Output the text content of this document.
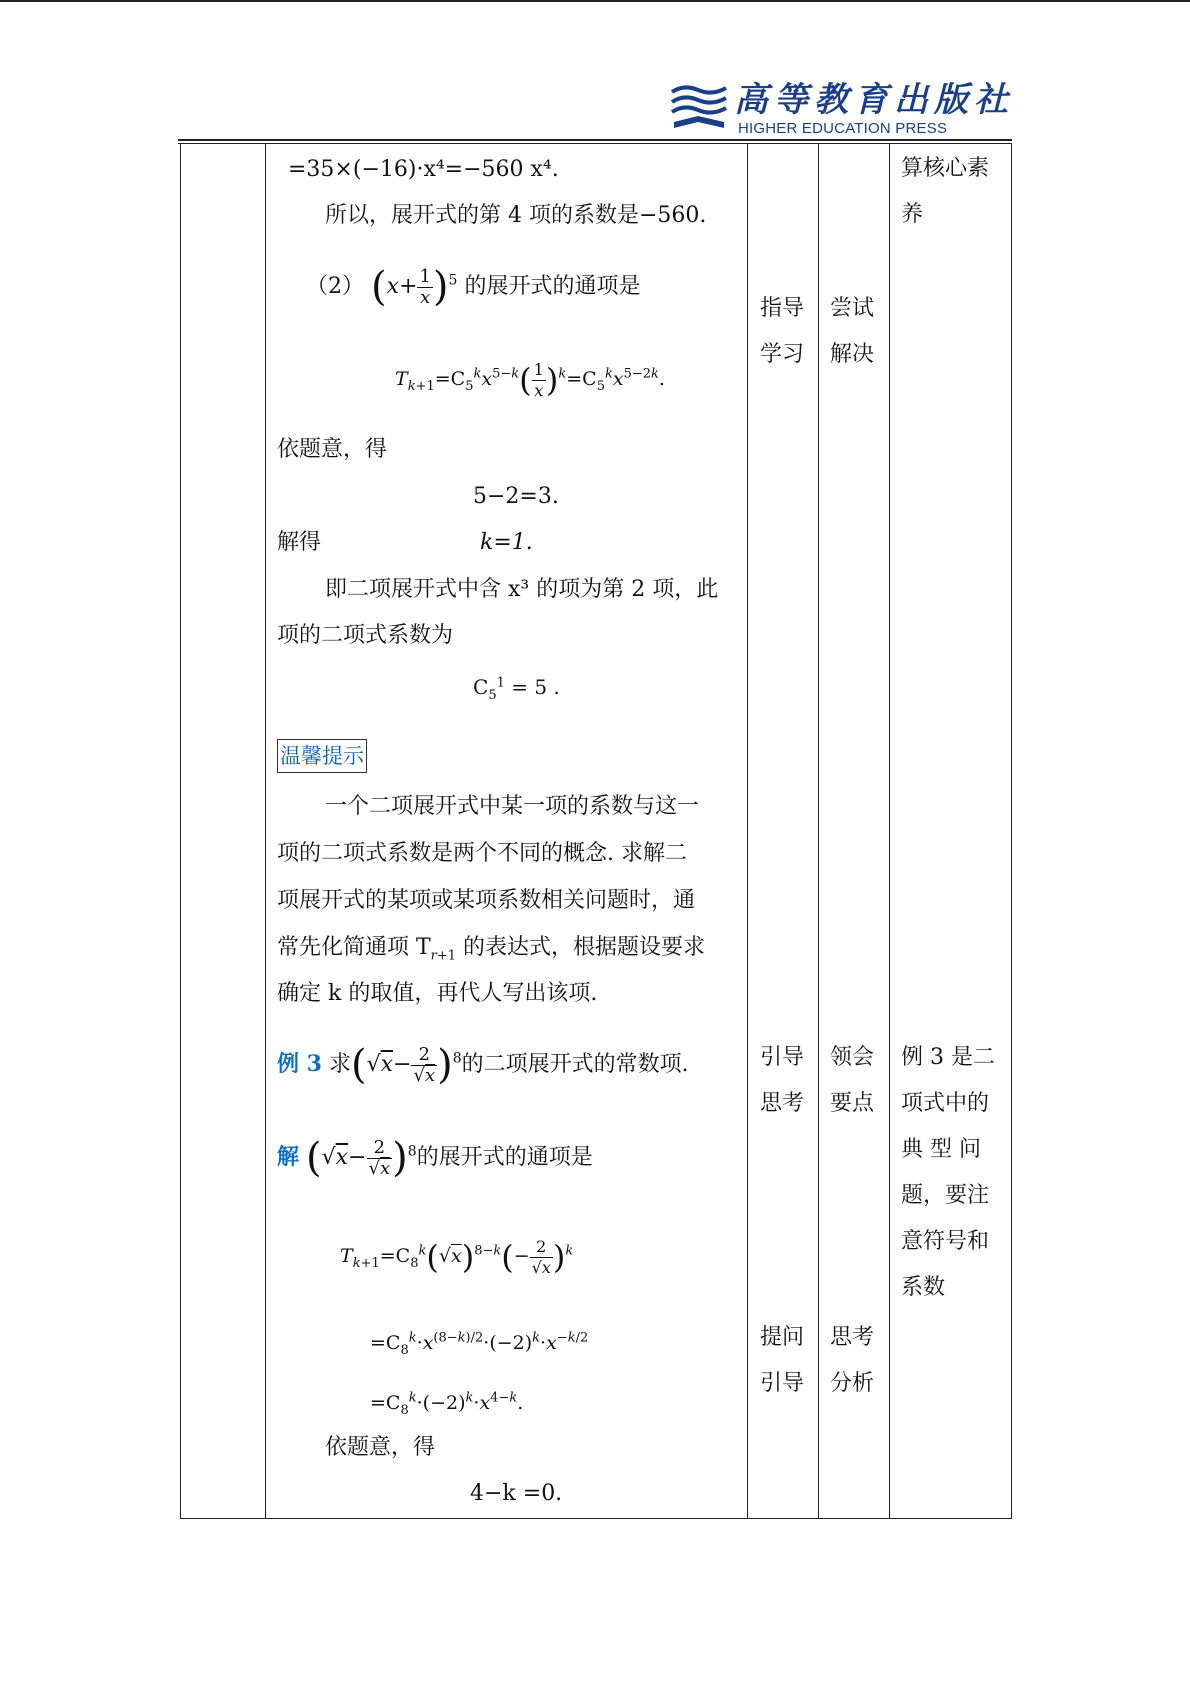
高等教育出版社
HIGHER EDUCATION PRESS
=35×(−16)·x⁴=−560 x⁴.
所以，展开式的第 4 项的系数是−560.
（2） $(x+ \frac{1}{x} )^5$ 的展开式的通项是
$T_{k+1}=C_5^kx^{5-k}( \frac{1}{x} )^k=C_5^kx^{5-2k}$.
依题意，得
5−2=3.
解得	k=1.
即二项展开式中含 x³ 的项为第 2 项，此
项的二项式系数为
$C_5^1 = 5$ .
温馨提示
一个二项展开式中某一项的系数与这一
项的二项式系数是两个不同的概念. 求解二
项展开式的某项或某项系数相关问题时，通
常先化简通项 $T_{r+1}$ 的表达式，根据题设要求
确定 k 的取值，再代人写出该项.
例 3 求$(√x- \frac{2}{√x} )^8$的二项展开式的常数项.
解 $(√x- \frac{2}{√x} )^8$的展开式的通项是
$T_{k+1}=C_8^k(√x)^{8-k}(- \frac{2}{√x} )^k$
$=C_8^k\cdot x^{(8-k)/2}\cdot(-2)^k\cdot x^{-k/2}$
$=C_8^k\cdot(-2)^k\cdot x^{4-k}$.
依题意，得
4−k =0.
指导
学习
引导
思考
提问
引导
尝试
解决
领会
要点
思考
分析
算核心素
养
例 3 是二
项式中的
典 型 问
题，要注
意符号和
系数
